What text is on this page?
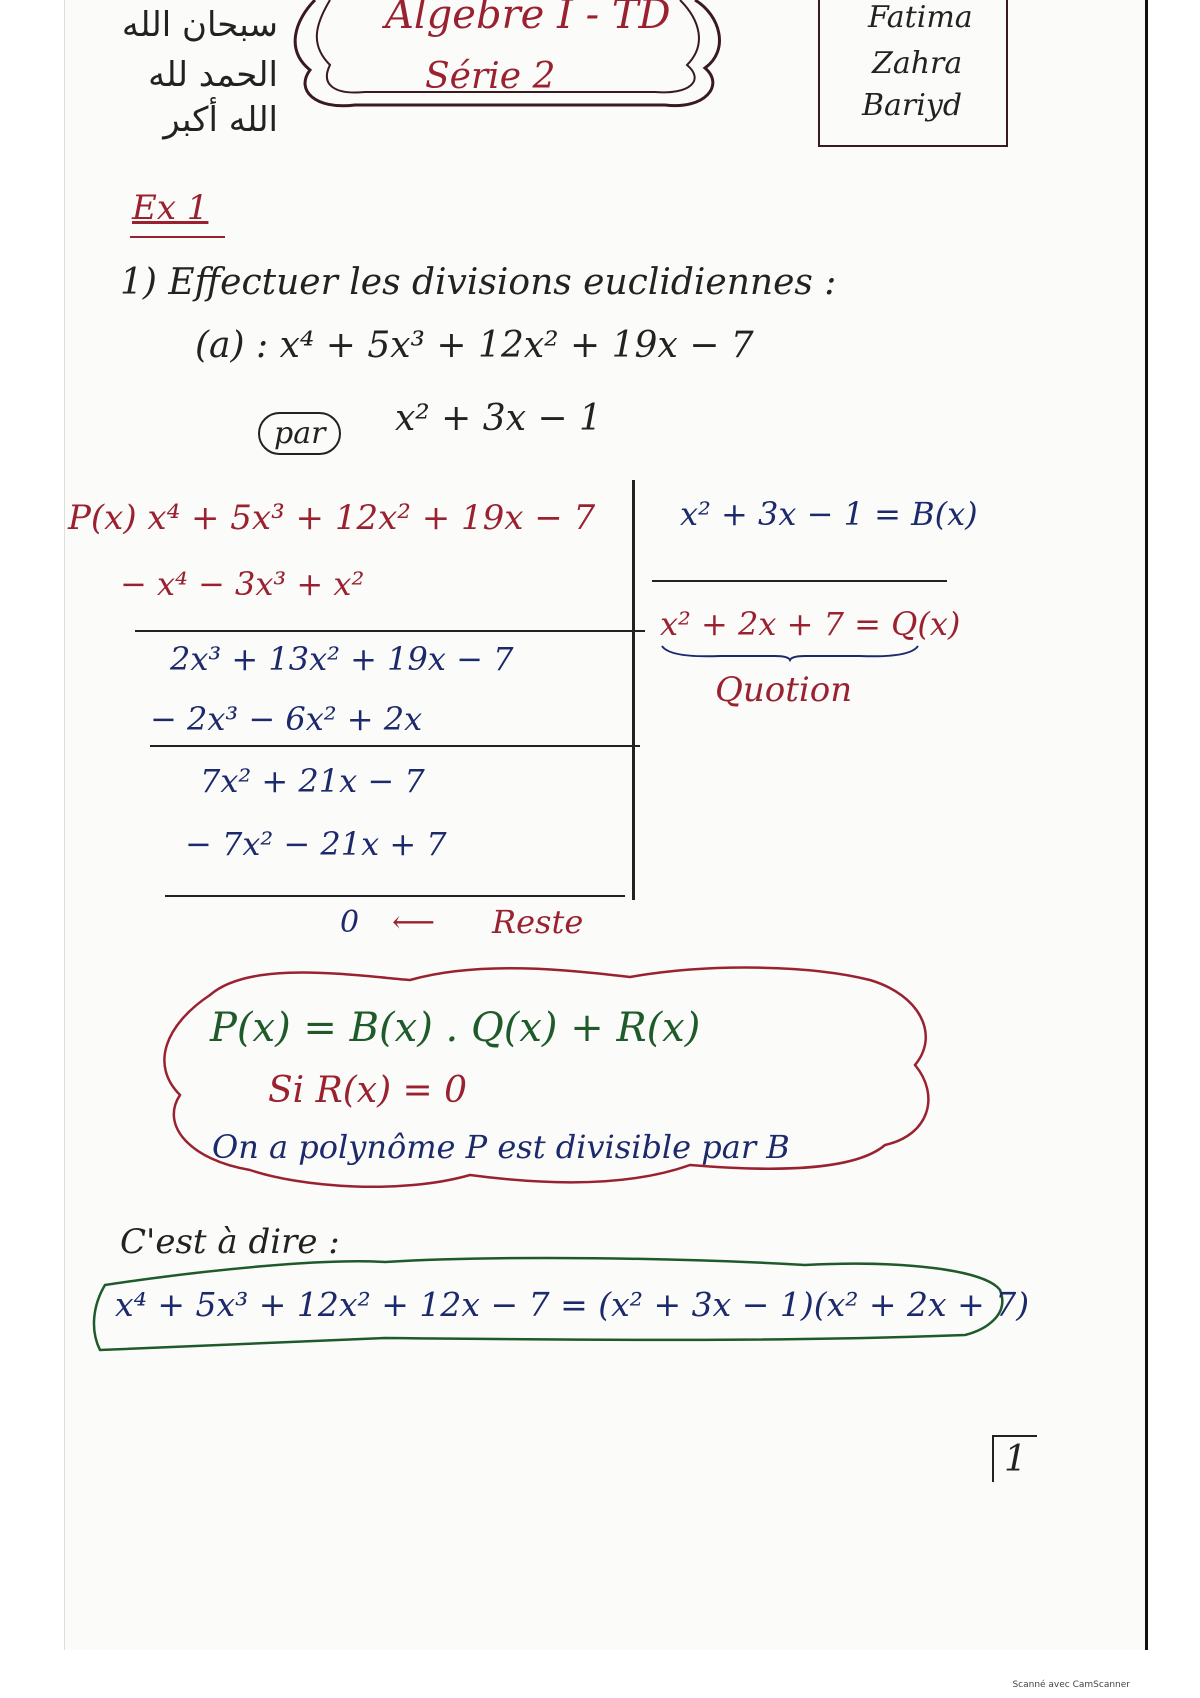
سبحان الله
الحمد لله
الله أكبر
Algebre I - TD
Série 2
Fatima
Zahra
Bariyd
Ex 1
1) Effectuer les divisions euclidiennes :
(a) : x⁴ + 5x³ + 12x² + 19x − 7
par	x² + 3x − 1
P(x) x⁴ + 5x³ + 12x² + 19x − 7
− x⁴ − 3x³ + x²
2x³ + 13x² + 19x − 7
− 2x³ − 6x² + 2x
7x² + 21x − 7
− 7x² − 21x + 7
x² + 3x − 1 = B(x)
x² + 2x + 7 = Q(x)
Quotion
0 ⟵ Reste
P(x) = B(x) . Q(x) + R(x)
Si R(x) = 0
On a polynôme P est divisible par B
C'est à dire :
x⁴ + 5x³ + 12x² + 12x − 7 = (x² + 3x − 1)(x² + 2x + 7)
1
Scanné avec CamScanner
